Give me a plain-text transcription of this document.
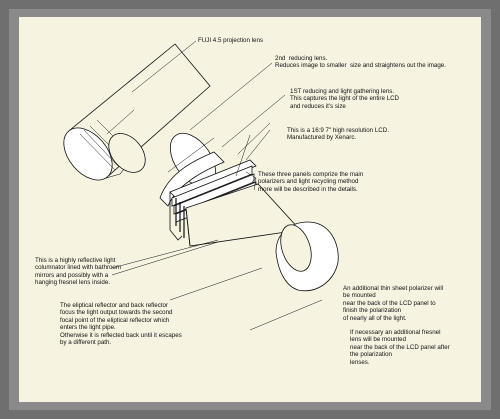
FUJI 4.5 projection lens
2nd  reducing lens.
Reduces image to smaller  size and straightens out the image.
1ST reducing and light gathering lens.
This captures the light of the entire LCD
and reduces it's size
This is a 16:9 7" high resolution LCD.
Manufactured by Xenarc.
These three panels comprize the main
polarizers and light recycling method
more will be described in the details.
This is a highly reflective light
columnator lined with bathroom
mirrors and possibly with a
hanging fresnel lens inside.
The eliptical reflector and back reflector
focus the light output towards the second
focal point of the eliptical reflector which
enters the light pipe.
Otherwise it is reflected back until it escapes
by a different path.
An additional thin sheet polarizer will
be mounted
near the back of the LCD panel to
finish the polarization
of nearly all of the light.
If necessary an additional fresnel
lens will be mounted
near the back of the LCD panel after
the polarization
lenses.
